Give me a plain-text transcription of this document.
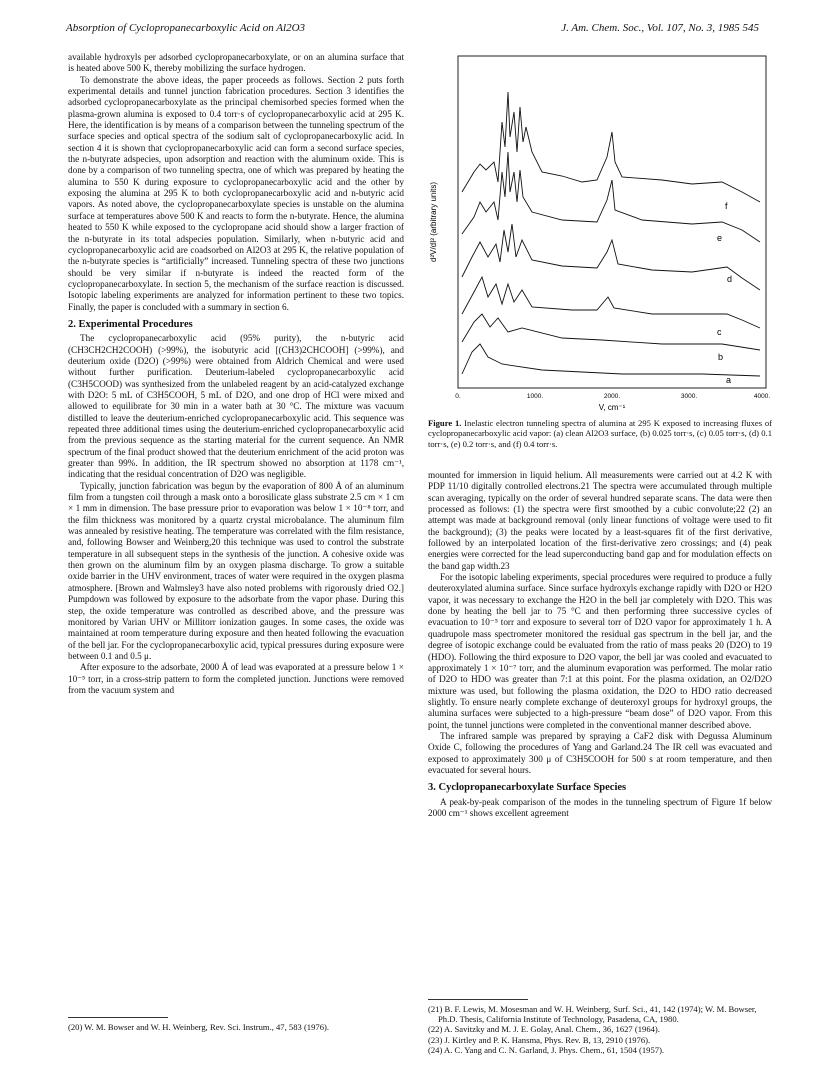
Absorption of Cyclopropanecarboxylic Acid on Al2O3	J. Am. Chem. Soc., Vol. 107, No. 3, 1985 545

available hydroxyls per adsorbed cyclopropanecarboxylate, or on an alumina surface that is heated above 500 K, thereby mobilizing the surface hydrogen.

To demonstrate the above ideas, the paper proceeds as follows. Section 2 puts forth experimental details and tunnel junction fabrication procedures. Section 3 identifies the adsorbed cyclopropanecarboxylate as the principal chemisorbed species formed when the plasma-grown alumina is exposed to 0.4 torr·s of cyclopropanecarboxylic acid at 295 K. Here, the identification is by means of a comparison between the tunneling spectrum of the surface species and optical spectra of the sodium salt of cyclopropanecarboxylic acid. In section 4 it is shown that cyclopropanecarboxylic acid can form a second surface species, the n-butyrate adspecies, upon adsorption and reaction with the aluminum oxide. This is done by a comparison of two tunneling spectra, one of which was prepared by heating the alumina to 550 K during exposure to cyclopropanecarboxylic acid and the other by exposing the alumina at 295 K to both cyclopropanecarboxylic acid and n-butyric acid vapors. As noted above, the cyclopropanecarboxylate species is unstable on the alumina surface at temperatures above 500 K and reacts to form the n-butyrate. Hence, the alumina heated to 550 K while exposed to the cyclopropane acid should show a larger fraction of the n-butyrate in its total adspecies population. Similarly, when n-butyric acid and cyclopropanecarboxylic acid are coadsorbed on Al2O3 at 295 K, the relative population of the n-butyrate species is “artificially” increased. Tunneling spectra of these two junctions should be very similar if n-butyrate is indeed the reacted form of the cyclopropanecarboxylate. In section 5, the mechanism of the surface reaction is discussed. Isotopic labeling experiments are analyzed for information pertinent to these two topics. Finally, the paper is concluded with a summary in section 6.

2. Experimental Procedures

The cyclopropanecarboxylic acid (95% purity), the n-butyric acid (CH3CH2CH2COOH) (>99%), the isobutyric acid [(CH3)2CHCOOH] (>99%), and deuterium oxide (D2O) (>99%) were obtained from Aldrich Chemical and were used without further purification. Deuterium-labeled cyclopropanecarboxylic acid (C3H5COOD) was synthesized from the unlabeled reagent by an acid-catalyzed exchange with D2O: 5 mL of C3H5COOH, 5 mL of D2O, and one drop of HCl were mixed and allowed to equilibrate for 30 min in a water bath at 30 °C. The mixture was vacuum distilled to leave the deuterium-enriched cyclopropanecarboxylic acid. This sequence was repeated three additional times using the deuterium-enriched cyclopropanecarboxylic acid from the previous sequence as the starting material for the current sequence. An NMR spectrum of the final product showed that the deuterium enrichment of the acid proton was greater than 99%. In addition, the IR spectrum showed no absorption at 1178 cm⁻¹, indicating that the residual concentration of D2O was negligible.

Typically, junction fabrication was begun by the evaporation of 800 Å of an aluminum film from a tungsten coil through a mask onto a borosilicate glass substrate 2.5 cm × 1 cm × 1 mm in dimension. The base pressure prior to evaporation was below 1 × 10⁻⁸ torr, and the film thickness was monitored by a quartz crystal microbalance. The aluminum film was annealed by resistive heating. The temperature was correlated with the film resistance, and, following Bowser and Weinberg,20 this technique was used to control the substrate temperature in all subsequent steps in the synthesis of the junction. A cohesive oxide was then grown on the aluminum film by an oxygen plasma discharge. To grow a suitable oxide barrier in the UHV environment, traces of water were required in the oxygen plasma atmosphere. [Brown and Walmsley3 have also noted problems with rigorously dried O2.] Pumpdown was followed by exposure to the adsorbate from the vapor phase. During this step, the oxide temperature was controlled as described above, and the pressure was monitored by Varian UHV or Millitorr ionization gauges. In some cases, the oxide was maintained at room temperature during exposure and then heated following the evacuation of the bell jar. For the cyclopropanecarboxylic acid, typical pressures during exposure were between 0.1 and 0.5 μ.

After exposure to the adsorbate, 2000 Å of lead was evaporated at a pressure below 1 × 10⁻⁵ torr, in a cross-strip pattern to form the completed junction. Junctions were removed from the vacuum system and

(20) W. M. Bowser and W. H. Weinberg, Rev. Sci. Instrum., 47, 583 (1976).

d²V/dI² (arbitrary units)	f
e
d
c
b
a
0.	1000.	2000.	3000.	4000.
V, cm⁻¹
Figure 1. Inelastic electron tunneling spectra of alumina at 295 K exposed to increasing fluxes of cyclopropanecarboxylic acid vapor: (a) clean Al2O3 surface, (b) 0.025 torr·s, (c) 0.05 torr·s, (d) 0.1 torr·s, (e) 0.2 torr·s, and (f) 0.4 torr·s.

mounted for immersion in liquid helium. All measurements were carried out at 4.2 K with PDP 11/10 digitally controlled electrons.21 The spectra were accumulated through multiple scan averaging, typically on the order of several hundred separate scans. The data were then processed as follows: (1) the spectra were first smoothed by a cubic convolute;22 (2) an attempt was made at background removal (only linear functions of voltage were used to fit the background); (3) the peaks were located by a least-squares fit of the first derivative, followed by an interpolated location of the first-derivative zero crossings; and (4) peak energies were corrected for the lead superconducting band gap and for modulation effects on the band gap width.23

For the isotopic labeling experiments, special procedures were required to produce a fully deuteroxylated alumina surface. Since surface hydroxyls exchange rapidly with D2O or H2O vapor, it was necessary to exchange the H2O in the bell jar completely with D2O. This was done by heating the bell jar to 75 °C and then performing three successive cycles of evacuation to 10⁻⁵ torr and exposure to several torr of D2O vapor for approximately 1 h. A quadrupole mass spectrometer monitored the residual gas spectrum in the bell jar, and the degree of isotopic exchange could be evaluated from the ratio of mass peaks 20 (D2O) to 19 (HDO). Following the third exposure to D2O vapor, the bell jar was cooled and evacuated to approximately 1 × 10⁻⁷ torr, and the aluminum evaporation was performed. The molar ratio of D2O to HDO was greater than 7:1 at this point. For the plasma oxidation, an O2/D2O mixture was used, but following the plasma oxidation, the D2O to HDO ratio decreased slightly. To ensure nearly complete exchange of deuteroxyl groups for hydroxyl groups, the alumina surfaces were subjected to a high-pressure “beam dose” of D2O vapor. From this point, the tunnel junctions were completed in the conventional manner described above.

The infrared sample was prepared by spraying a CaF2 disk with Degussa Aluminum Oxide C, following the procedures of Yang and Garland.24 The IR cell was evacuated and exposed to approximately 300 μ of C3H5COOH for 500 s at room temperature, and then evacuated for several hours.

3. Cyclopropanecarboxylate Surface Species

A peak-by-peak comparison of the modes in the tunneling spectrum of Figure 1f below 2000 cm⁻¹ shows excellent agreement

(21) B. F. Lewis, M. Mosesman and W. H. Weinberg, Surf. Sci., 41, 142 (1974); W. M. Bowser, Ph.D. Thesis, California Institute of Technology, Pasadena, CA, 1980.

(22) A. Savitzky and M. J. E. Golay, Anal. Chem., 36, 1627 (1964).

(23) J. Kirtley and P. K. Hansma, Phys. Rev. B, 13, 2910 (1976).

(24) A. C. Yang and C. N. Garland, J. Phys. Chem., 61, 1504 (1957).
